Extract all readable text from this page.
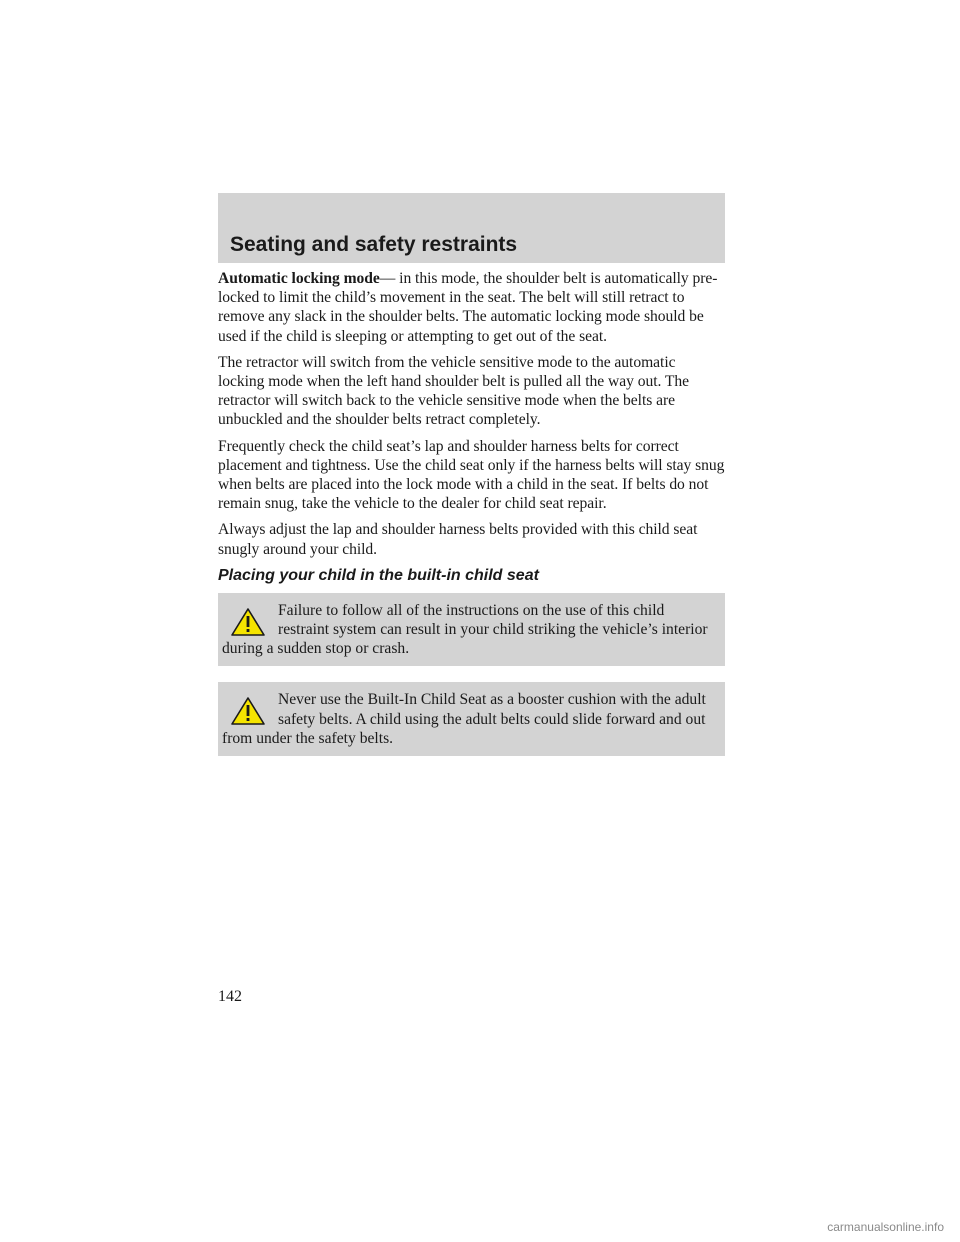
Seating and safety restraints

Automatic locking mode— in this mode, the shoulder belt is automatically pre-locked to limit the child’s movement in the seat. The belt will still retract to remove any slack in the shoulder belts. The automatic locking mode should be used if the child is sleeping or attempting to get out of the seat.

The retractor will switch from the vehicle sensitive mode to the automatic locking mode when the left hand shoulder belt is pulled all the way out. The retractor will switch back to the vehicle sensitive mode when the belts are unbuckled and the shoulder belts retract completely.

Frequently check the child seat’s lap and shoulder harness belts for correct placement and tightness. Use the child seat only if the harness belts will stay snug when belts are placed into the lock mode with a child in the seat. If belts do not remain snug, take the vehicle to the dealer for child seat repair.

Always adjust the lap and shoulder harness belts provided with this child seat snugly around your child.

Placing your child in the built-in child seat

Failure to follow all of the instructions on the use of this child restraint system can result in your child striking the vehicle’s interior during a sudden stop or crash.

Never use the Built-In Child Seat as a booster cushion with the adult safety belts. A child using the adult belts could slide forward and out from under the safety belts.

142
carmanualsonline.info
